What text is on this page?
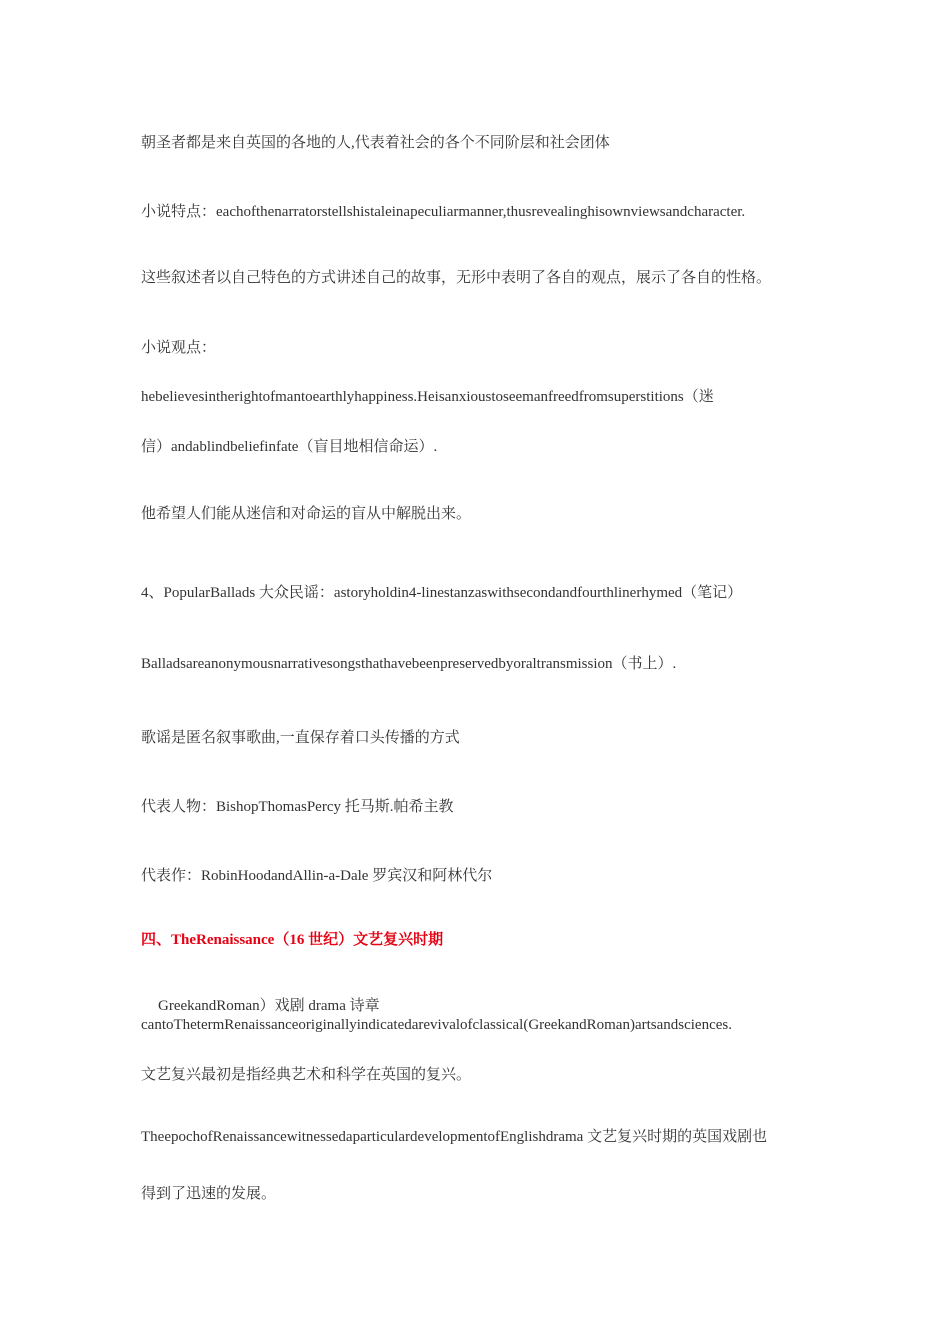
朝圣者都是来自英国的各地的人,代表着社会的各个不同阶层和社会团体
小说特点：eachofthenarratorstellshistaleinapeculiarmanner,thusrevealinghisownviewsandcharacter.
这些叙述者以自己特色的方式讲述自己的故事，无形中表明了各自的观点，展示了各自的性格。
小说观点：
hebelievesintherightofmantoearthlyhappiness.Heisanxioustoseemanfreedfromsuperstitions（迷
信）andablindbeliefinfate（盲目地相信命运）.
他希望人们能从迷信和对命运的盲从中解脱出来。
4、PopularBallads 大众民谣：astoryholdin4-linestanzaswithsecondandfourthlinerhymed（笔记）
Balladsareanonymousnarrativesongsthathavebeenpreservedbyoraltransmission（书上）.
歌谣是匿名叙事歌曲,一直保存着口头传播的方式
代表人物：BishopThomasPercy 托马斯.帕希主教
代表作：RobinHoodandAllin-a-Dale 罗宾汉和阿林代尔
四、TheRenaissance（16 世纪）文艺复兴时期
GreekandRoman）戏剧 drama 诗章
cantoThetermRenaissanceoriginallyindicatedarevivalofclassical(GreekandRoman)artsandsciences.
文艺复兴最初是指经典艺术和科学在英国的复兴。
TheepochofRenaissancewitnessedaparticulardevelopmentofEnglishdrama 文艺复兴时期的英国戏剧也
得到了迅速的发展。
